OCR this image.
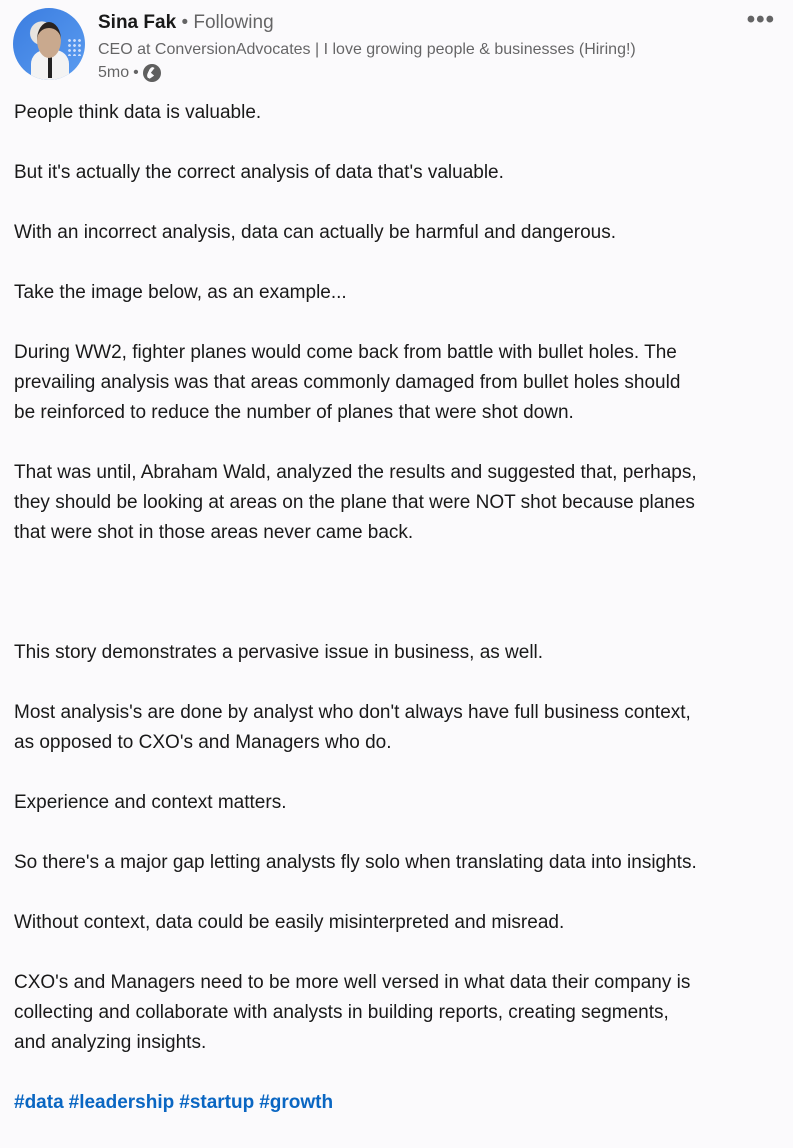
Sina Fak • Following
CEO at ConversionAdvocates | I love growing people & businesses (Hiring!)
5mo •
•••

People think data is valuable.

But it's actually the correct analysis of data that's valuable.

With an incorrect analysis, data can actually be harmful and dangerous.

Take the image below, as an example...

During WW2, fighter planes would come back from battle with bullet holes. The
prevailing analysis was that areas commonly damaged from bullet holes should
be reinforced to reduce the number of planes that were shot down.

That was until, Abraham Wald, analyzed the results and suggested that, perhaps,
they should be looking at areas on the plane that were NOT shot because planes
that were shot in those areas never came back.

This story demonstrates a pervasive issue in business, as well.

Most analysis's are done by analyst who don't always have full business context,
as opposed to CXO's and Managers who do.

Experience and context matters.

So there's a major gap letting analysts fly solo when translating data into insights.

Without context, data could be easily misinterpreted and misread.

CXO's and Managers need to be more well versed in what data their company is
collecting and collaborate with analysts in building reports, creating segments,
and analyzing insights.

#data #leadership #startup #growth
